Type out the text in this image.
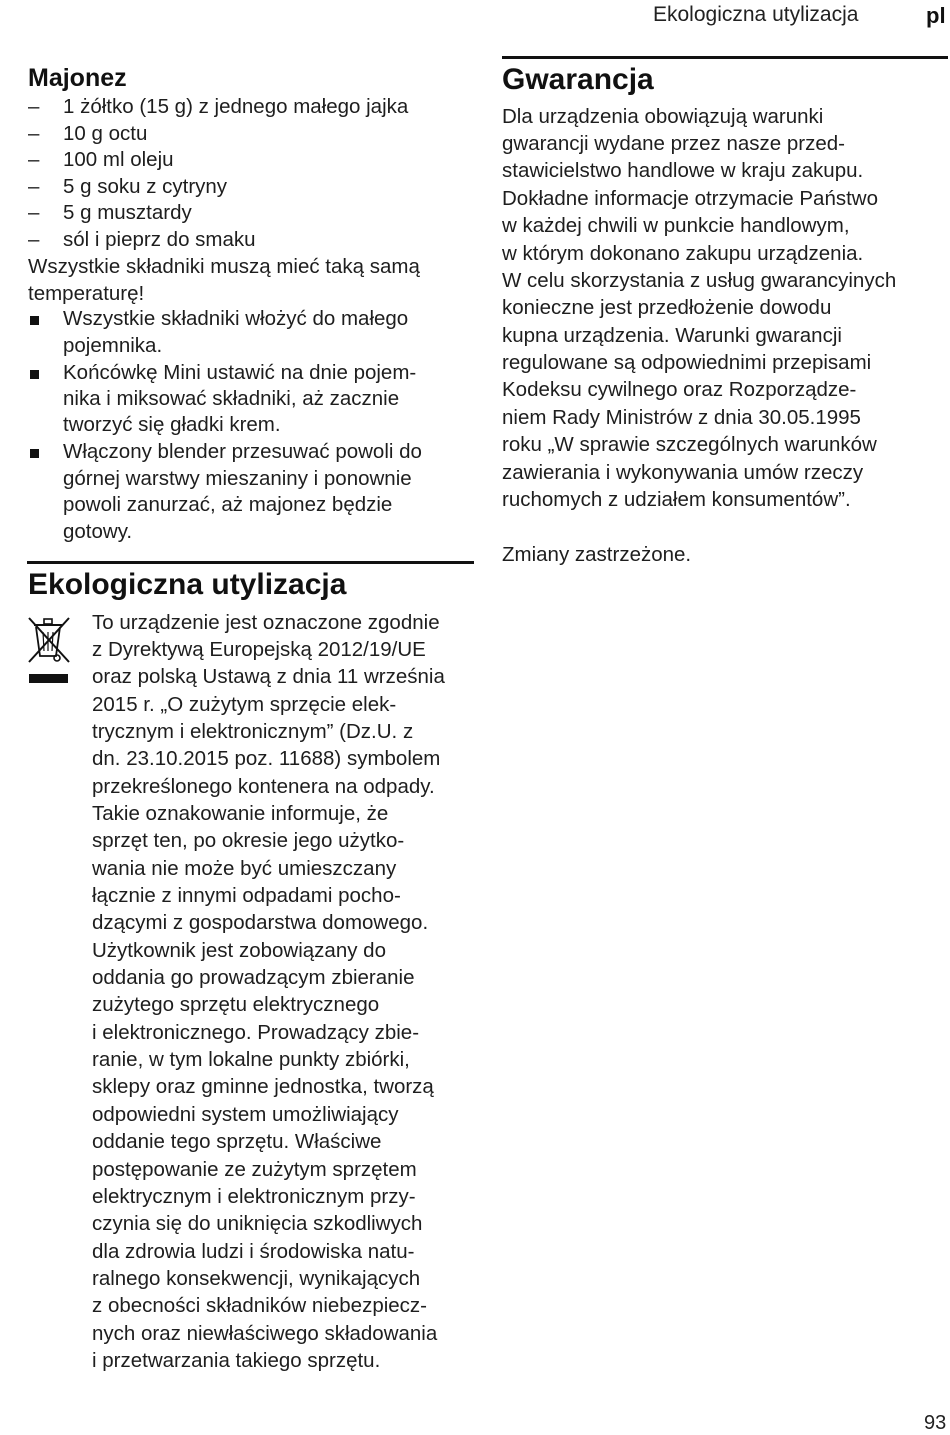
Ekologiczna utylizacja	pl
Majonez
– 1 żółtko (15 g) z jednego małego jajka

– 10 g octu

– 100 ml oleju

– 5 g soku z cytryny

– 5 g musztardy

– sól i pieprz do smaku

Wszystkie składniki muszą mieć taką samą

temperaturę!

Wszystkie składniki włożyć do małego

pojemnika.

Końcówkę Mini ustawić na dnie pojem-

nika i miksować składniki, aż zacznie

tworzyć się gładki krem.

Włączony blender przesuwać powoli do

górnej warstwy mieszaniny i ponownie

powoli zanurzać, aż majonez będzie

gotowy.

Ekologiczna utylizacja

To urządzenie jest oznaczone zgodnie

z Dyrektywą Europejską 2012/19/UE

oraz polską Ustawą z dnia 11 września

2015 r. „O zużytym sprzęcie elek-

trycznym i elektronicznym” (Dz.U. z

dn. 23.10.2015 poz. 11688) symbolem

przekreślonego kontenera na odpady.

Takie oznakowanie informuje, że

sprzęt ten, po okresie jego użytko-

wania nie może być umieszczany

łącznie z innymi odpadami pocho-

dzącymi z gospodarstwa domowego.

Użytkownik jest zobowiązany do

oddania go prowadzącym zbieranie

zużytego sprzętu elektrycznego

i elektronicznego. Prowadzący zbie-

ranie, w tym lokalne punkty zbiórki,

sklepy oraz gminne jednostka, tworzą

odpowiedni system umożliwiający

oddanie tego sprzętu. Właściwe

postępowanie ze zużytym sprzętem

elektrycznym i elektronicznym przy-

czynia się do uniknięcia szkodliwych

dla zdrowia ludzi i środowiska natu-

ralnego konsekwencji, wynikających

z obecności składników niebezpiecz-

nych oraz niewłaściwego składowania

i przetwarzania takiego sprzętu.

Gwarancja

Dla urządzenia obowiązują warunki

gwarancji wydane przez nasze przed-

stawicielstwo handlowe w kraju zakupu.

Dokładne informacje otrzymacie Państwo

w każdej chwili w punkcie handlowym,

w którym dokonano zakupu urządzenia.

W celu skorzystania z usług gwarancyinych

konieczne jest przedłożenie dowodu

kupna urządzenia. Warunki gwarancji

regulowane są odpowiednimi przepisami

Kodeksu cywilnego oraz Rozporządze-

niem Rady Ministrów z dnia 30.05.1995

roku „W sprawie szczególnych warunków

zawierania i wykonywania umów rzeczy

ruchomych z udziałem konsumentów”.

Zmiany zastrzeżone.

93
